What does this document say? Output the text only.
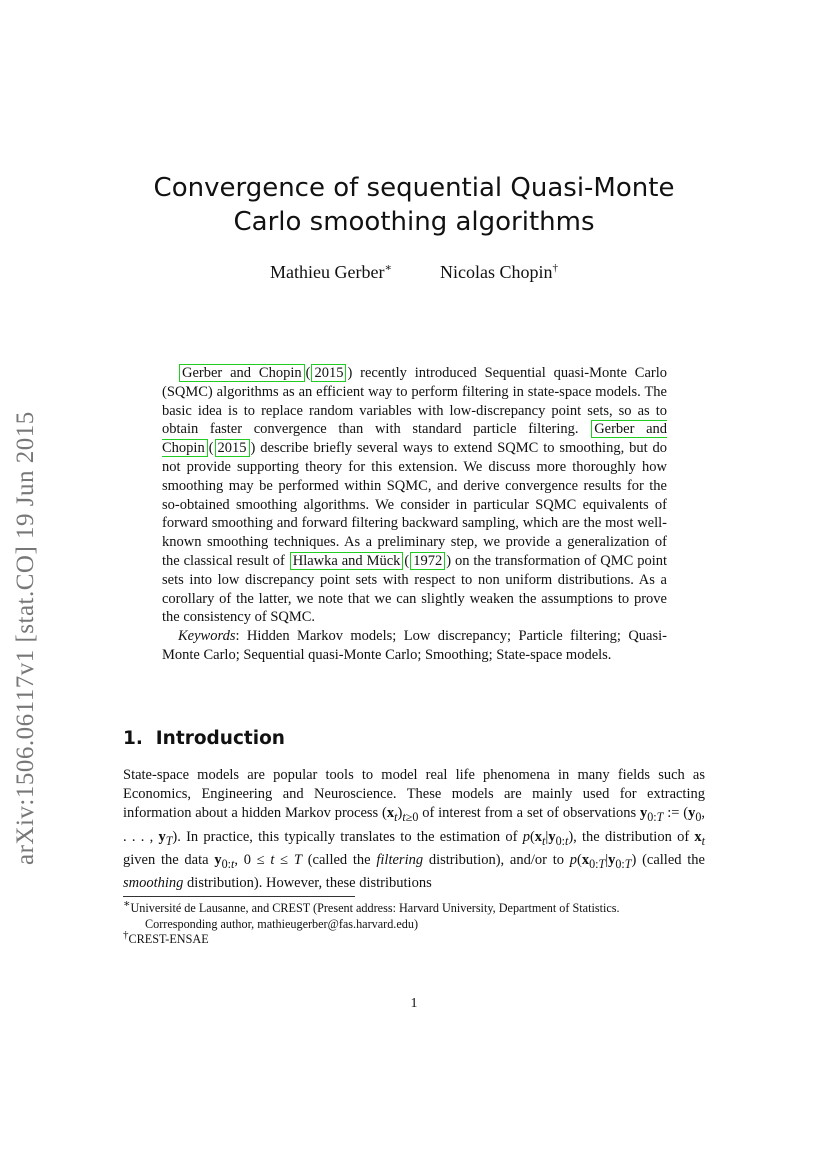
arXiv:1506.06117v1 [stat.CO] 19 Jun 2015
Convergence of sequential Quasi-Monte
Carlo smoothing algorithms
Mathieu Gerber∗	Nicolas Chopin†

Gerber and Chopin ( 2015 ) recently introduced Sequential quasi-Monte Carlo (SQMC) algorithms as an efficient way to perform filtering in state-space models. The basic idea is to replace random variables with low-discrepancy point sets, so as to obtain faster convergence than with standard particle filtering. Gerber and Chopin ( 2015 ) describe briefly several ways to extend SQMC to smoothing, but do not provide supporting theory for this extension. We discuss more thoroughly how smoothing may be performed within SQMC, and derive convergence results for the so-obtained smoothing algorithms. We consider in particular SQMC equivalents of forward smoothing and forward filtering backward sampling, which are the most well-known smoothing techniques. As a preliminary step, we provide a generalization of the classical result of Hlawka and Mück ( 1972 ) on the transformation of QMC point sets into low discrepancy point sets with respect to non uniform distributions. As a corollary of the latter, we note that we can slightly weaken the assumptions to prove the consistency of SQMC.

Keywords: Hidden Markov models; Low discrepancy; Particle filtering; Quasi-Monte Carlo; Sequential quasi-Monte Carlo; Smoothing; State-space models.

1. Introduction

State-space models are popular tools to model real life phenomena in many fields such as Economics, Engineering and Neuroscience. These models are mainly used for extracting information about a hidden Markov process $(x_t)_{t\ge 0}$ of interest from a set of observations $y_{0:T}$ := ($y_0$, . . . , $y_T$). In practice, this typically translates to the estimation of $p(x_t|y_{0:t})$, the distribution of $x_t$ given the data $y_{0:t}$, 0 ≤ t ≤ T (called the filtering distribution), and/or to $p(x_{0:T}|y_{0:T})$ (called the smoothing distribution). However, these distributions

∗Université de Lausanne, and CREST (Present address: Harvard University, Department of Statistics.
Corresponding author, mathieugerber@fas.harvard.edu)
†CREST-ENSAE
1
